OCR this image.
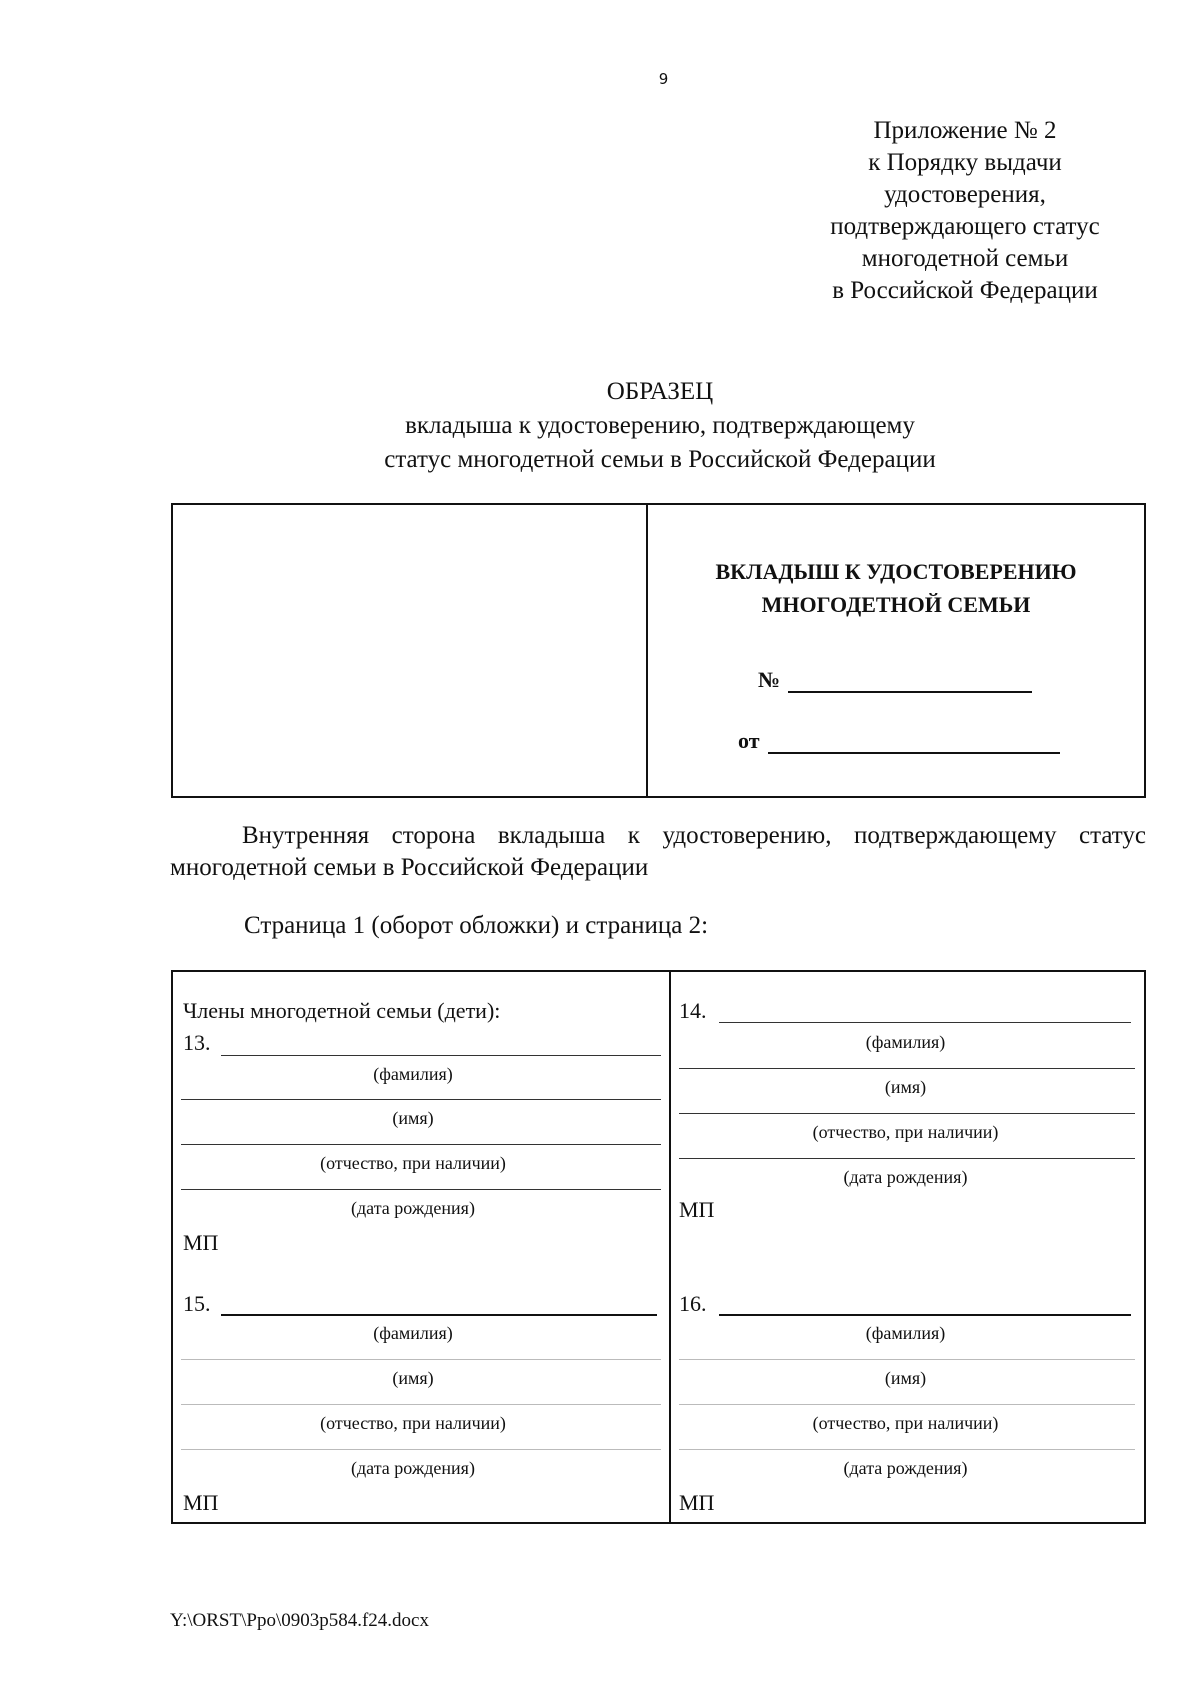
9
Приложение № 2
к Порядку выдачи
удостоверения,
подтверждающего статус
многодетной семьи
в Российской Федерации
ОБРАЗЕЦ
вкладыша к удостоверению, подтверждающему
статус многодетной семьи в Российской Федерации
ВКЛАДЫШ К УДОСТОВЕРЕНИЮ
МНОГОДЕТНОЙ СЕМЬИ
№
от
Внутренняя сторона вкладыша к удостоверению, подтверждающему статус многодетной семьи в Российской Федерации
Страница 1 (оборот обложки) и страница 2:
Члены многодетной семьи (дети):
13.
(фамилия)
(имя)
(отчество, при наличии)
(дата рождения)
МП
15.
(фамилия)
(имя)
(отчество, при наличии)
(дата рождения)
МП
14.
(фамилия)
(имя)
(отчество, при наличии)
(дата рождения)
МП
16.
(фамилия)
(имя)
(отчество, при наличии)
(дата рождения)
МП
Y:\ORST\Ppo\0903p584.f24.docx
